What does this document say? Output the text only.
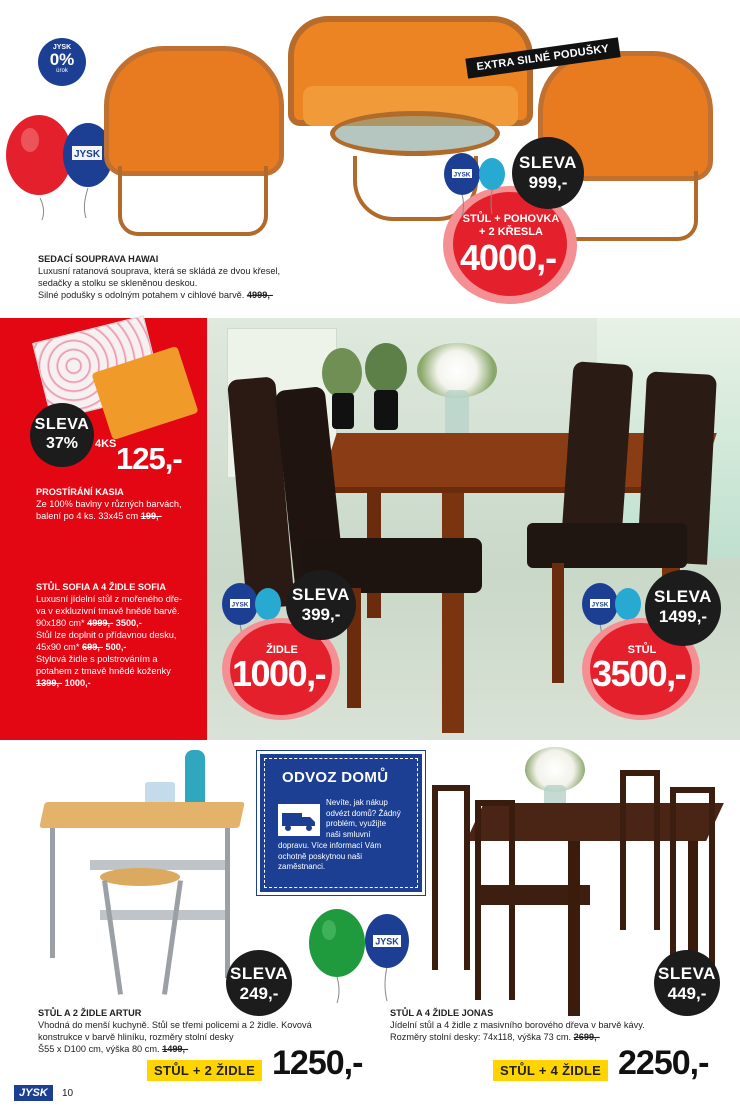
JYSK
0%
úrok
JYSK
EXTRA SILNÉ PODUŠKY
STŮL + POHOVKA
+ 2 KŘESLA
4000,-
JYSK
SLEVA
999,-
SEDACÍ SOUPRAVA HAWAI
Luxusní ratanová souprava, která se skládá ze dvou křesel,
sedačky a stolku se skleněnou deskou.
Silné podušky s odolným potahem v cihlové barvě. 4999,-
SLEVA
37%	4KS 125,-
PROSTÍRÁNÍ KASIA
Ze 100% bavlny v různých barvách,
balení po 4 ks. 33x45 cm 199,-
STŮL SOFIA A 4 ŽIDLE SOFIA
Luxusní jídelní stůl z mořeného dře-
va v exkluzivní tmavě hnědé barvě.
90x180 cm* 4999,- 3500,-
Stůl lze doplnit o přídavnou desku,
45x90 cm* 699,- 500,-
Stylová židle s polstrováním a
potahem z tmavě hnědé koženky
1399,- 1000,-
JYSK
ŽIDLE
1000,-
SLEVA
399,-	JYSK
STŮL
3500,-
SLEVA
1499,-
ODVOZ DOMŮ
Nevíte, jak nákup
odvézt domů? Žádný
problém, využijte
naši smluvní
dopravu. Více informací Vám
ochotně poskytnou naši
zaměstnanci.
JYSK
SLEVA
249,-
SLEVA
449,-
STŮL A 2 ŽIDLE ARTUR
Vhodná do menší kuchyně. Stůl se třemi policemi a 2 židle. Kovová
konstrukce v barvě hliníku, rozměry stolní desky
Š55 x D100 cm, výška 80 cm. 1499,-
STŮL + 2 ŽIDLE 1250,-
STŮL A 4 ŽIDLE JONAS
Jídelní stůl a 4 židle z masivního borového dřeva v barvě kávy.
Rozměry stolní desky: 74x118, výška 73 cm. 2699,-
STŮL + 4 ŽIDLE 2250,-
JYSK	10
